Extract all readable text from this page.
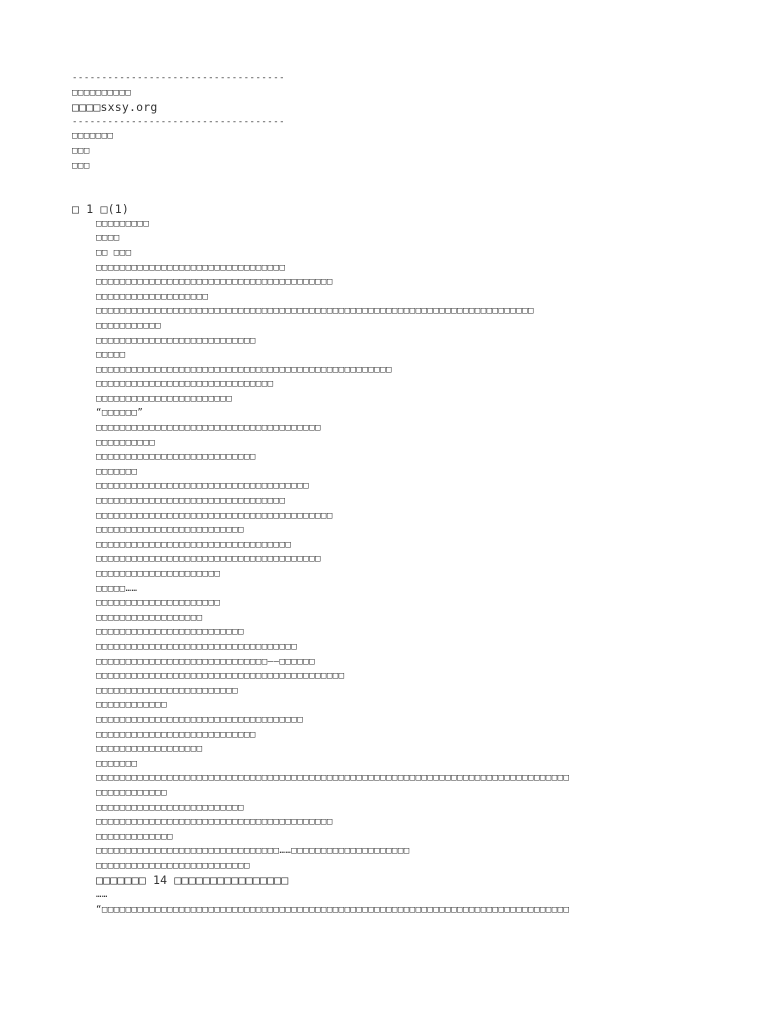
------------------------------------
□□□□□□□□□□
□□□□sxsy.org
------------------------------------
□□□□□□□
□□□
□□□
□ 1 □(1)
□□□□□□□□□
□□□□
□□ □□□
□□□□□□□□□□□□□□□□□□□□□□□□□□□□□□□□
□□□□□□□□□□□□□□□□□□□□□□□□□□□□□□□□□□□□□□□□
□□□□□□□□□□□□□□□□□□□
□□□□□□□□□□□□□□□□□□□□□□□□□□□□□□□□□□□□□□□□□□□□□□□□□□□□□□□□□□□□□□□□□□□□□□□□□□
□□□□□□□□□□□
□□□□□□□□□□□□□□□□□□□□□□□□□□□
□□□□□
□□□□□□□□□□□□□□□□□□□□□□□□□□□□□□□□□□□□□□□□□□□□□□□□□□
□□□□□□□□□□□□□□□□□□□□□□□□□□□□□□
□□□□□□□□□□□□□□□□□□□□□□□
“□□□□□□”
□□□□□□□□□□□□□□□□□□□□□□□□□□□□□□□□□□□□□□
□□□□□□□□□□
□□□□□□□□□□□□□□□□□□□□□□□□□□□
□□□□□□□
□□□□□□□□□□□□□□□□□□□□□□□□□□□□□□□□□□□□
□□□□□□□□□□□□□□□□□□□□□□□□□□□□□□□□
□□□□□□□□□□□□□□□□□□□□□□□□□□□□□□□□□□□□□□□□
□□□□□□□□□□□□□□□□□□□□□□□□□
□□□□□□□□□□□□□□□□□□□□□□□□□□□□□□□□□
□□□□□□□□□□□□□□□□□□□□□□□□□□□□□□□□□□□□□□
□□□□□□□□□□□□□□□□□□□□□
□□□□□……
□□□□□□□□□□□□□□□□□□□□□
□□□□□□□□□□□□□□□□□□
□□□□□□□□□□□□□□□□□□□□□□□□□
□□□□□□□□□□□□□□□□□□□□□□□□□□□□□□□□□□
□□□□□□□□□□□□□□□□□□□□□□□□□□□□□——□□□□□□
□□□□□□□□□□□□□□□□□□□□□□□□□□□□□□□□□□□□□□□□□□
□□□□□□□□□□□□□□□□□□□□□□□□
□□□□□□□□□□□□
□□□□□□□□□□□□□□□□□□□□□□□□□□□□□□□□□□□
□□□□□□□□□□□□□□□□□□□□□□□□□□□
□□□□□□□□□□□□□□□□□□
□□□□□□□
□□□□□□□□□□□□□□□□□□□□□□□□□□□□□□□□□□□□□□□□□□□□□□□□□□□□□□□□□□□□□□□□□□□□□□□□□□□□□□□□
□□□□□□□□□□□□
□□□□□□□□□□□□□□□□□□□□□□□□□
□□□□□□□□□□□□□□□□□□□□□□□□□□□□□□□□□□□□□□□□
□□□□□□□□□□□□□
□□□□□□□□□□□□□□□□□□□□□□□□□□□□□□□……□□□□□□□□□□□□□□□□□□□□
□□□□□□□□□□□□□□□□□□□□□□□□□□
□□□□□□□ 14 □□□□□□□□□□□□□□□□
……
“□□□□□□□□□□□□□□□□□□□□□□□□□□□□□□□□□□□□□□□□□□□□□□□□□□□□□□□□□□□□□□□□□□□□□□□□□□□□□□□
